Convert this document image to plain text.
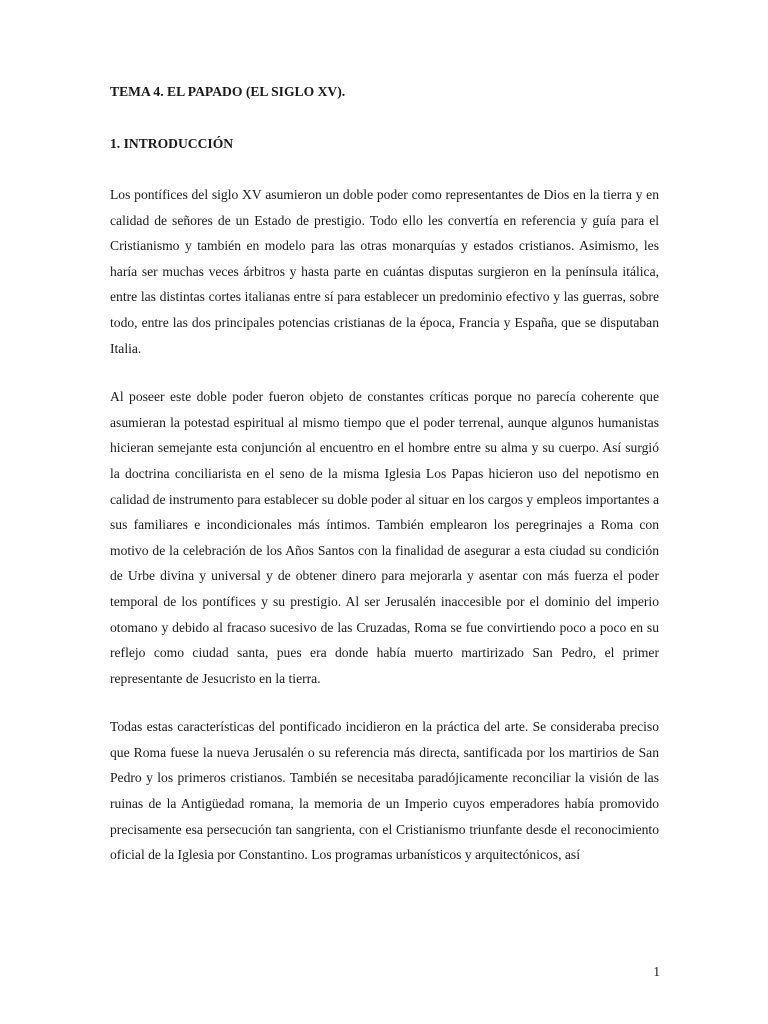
TEMA 4. EL PAPADO (EL SIGLO XV).
1. INTRODUCCIÓN

Los pontífices del siglo XV asumieron un doble poder como representantes de Dios en la tierra y en calidad de señores de un Estado de prestigio. Todo ello les convertía en referencia y guía para el Cristianismo y también en modelo para las otras monarquías y estados cristianos. Asimismo, les haría ser muchas veces árbitros y hasta parte en cuántas disputas surgieron en la península itálica, entre las distintas cortes italianas entre sí para establecer un predominio efectivo y las guerras, sobre todo, entre las dos principales potencias cristianas de la época, Francia y España, que se disputaban Italia.

Al poseer este doble poder fueron objeto de constantes críticas porque no parecía coherente que asumieran la potestad espiritual al mismo tiempo que el poder terrenal, aunque algunos humanistas hicieran semejante esta conjunción al encuentro en el hombre entre su alma y su cuerpo. Así surgió la doctrina conciliarista en el seno de la misma Iglesia Los Papas hicieron uso del nepotismo en calidad de instrumento para establecer su doble poder al situar en los cargos y empleos importantes a sus familiares e incondicionales más íntimos. También emplearon los peregrinajes a Roma con motivo de la celebración de los Años Santos con la finalidad de asegurar a esta ciudad su condición de Urbe divina y universal y de obtener dinero para mejorarla y asentar con más fuerza el poder temporal de los pontífices y su prestigio. Al ser Jerusalén inaccesible por el dominio del imperio otomano y debido al fracaso sucesivo de las Cruzadas, Roma se fue convirtiendo poco a poco en su reflejo como ciudad santa, pues era donde había muerto martirizado San Pedro, el primer representante de Jesucristo en la tierra.

Todas estas características del pontificado incidieron en la práctica del arte. Se consideraba preciso que Roma fuese la nueva Jerusalén o su referencia más directa, santificada por los martirios de San Pedro y los primeros cristianos. También se necesitaba paradójicamente reconciliar la visión de las ruinas de la Antigüedad romana, la memoria de un Imperio cuyos emperadores había promovido precisamente esa persecución tan sangrienta, con el Cristianismo triunfante desde el reconocimiento oficial de la Iglesia por Constantino. Los programas urbanísticos y arquitectónicos, así

1
